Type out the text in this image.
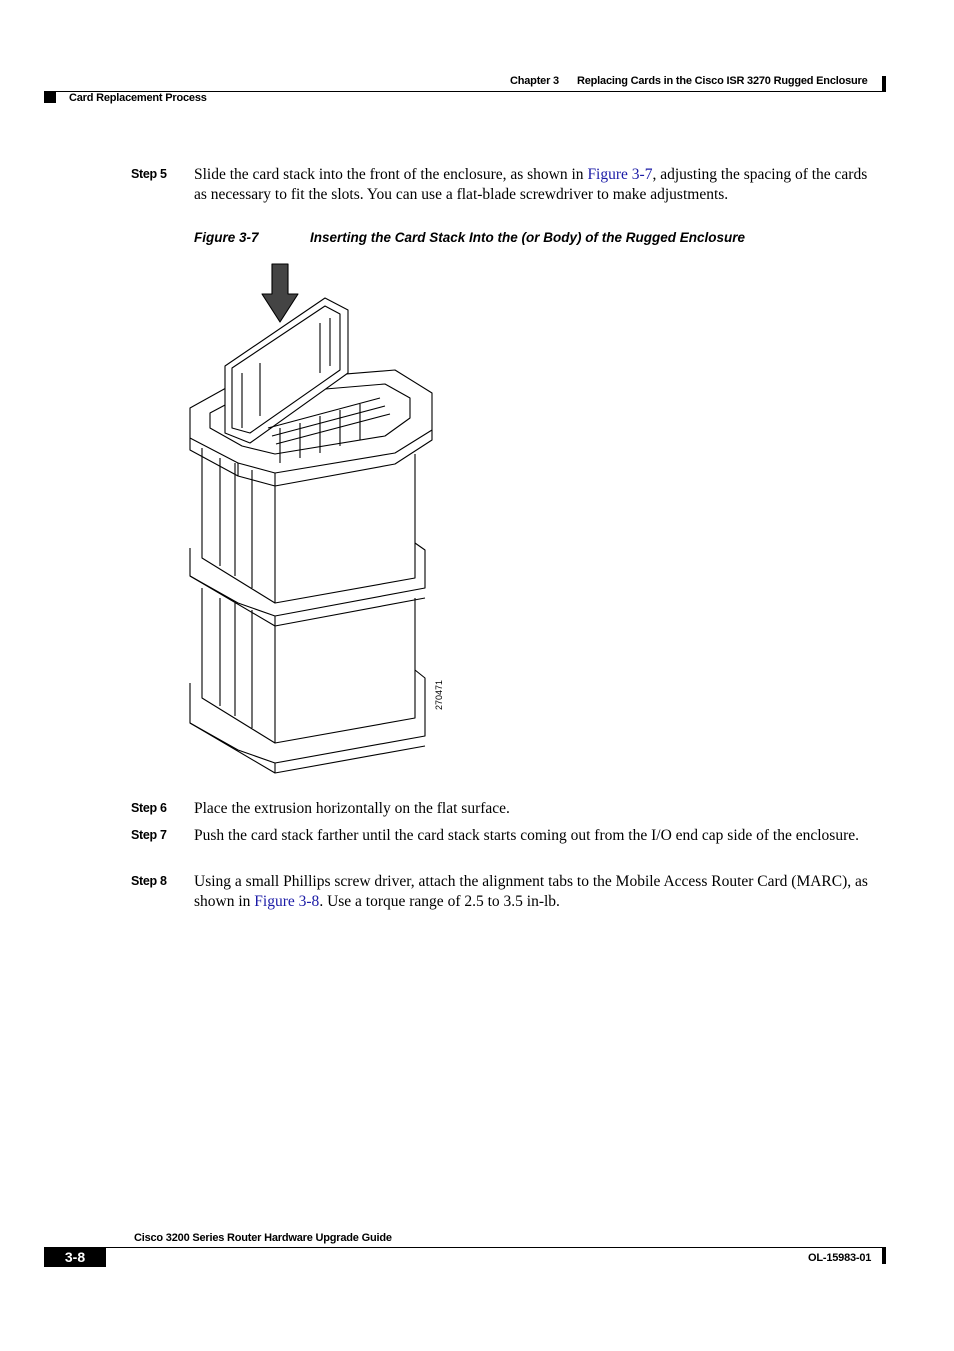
Chapter 3 Replacing Cards in the Cisco ISR 3270 Rugged Enclosure
Card Replacement Process
Step 5 Slide the card stack into the front of the enclosure, as shown in Figure 3-7, adjusting the spacing of the cards as necessary to fit the slots. You can use a flat-blade screwdriver to make adjustments.
Figure 3-7	Inserting the Card Stack Into the (or Body) of the Rugged Enclosure
270471
Step 6 Place the extrusion horizontally on the flat surface.
Step 7 Push the card stack farther until the card stack starts coming out from the I/O end cap side of the enclosure.
Step 8 Using a small Phillips screw driver, attach the alignment tabs to the Mobile Access Router Card (MARC), as shown in Figure 3-8. Use a torque range of 2.5 to 3.5 in-lb.
Cisco 3200 Series Router Hardware Upgrade Guide
3-8	OL-15983-01
